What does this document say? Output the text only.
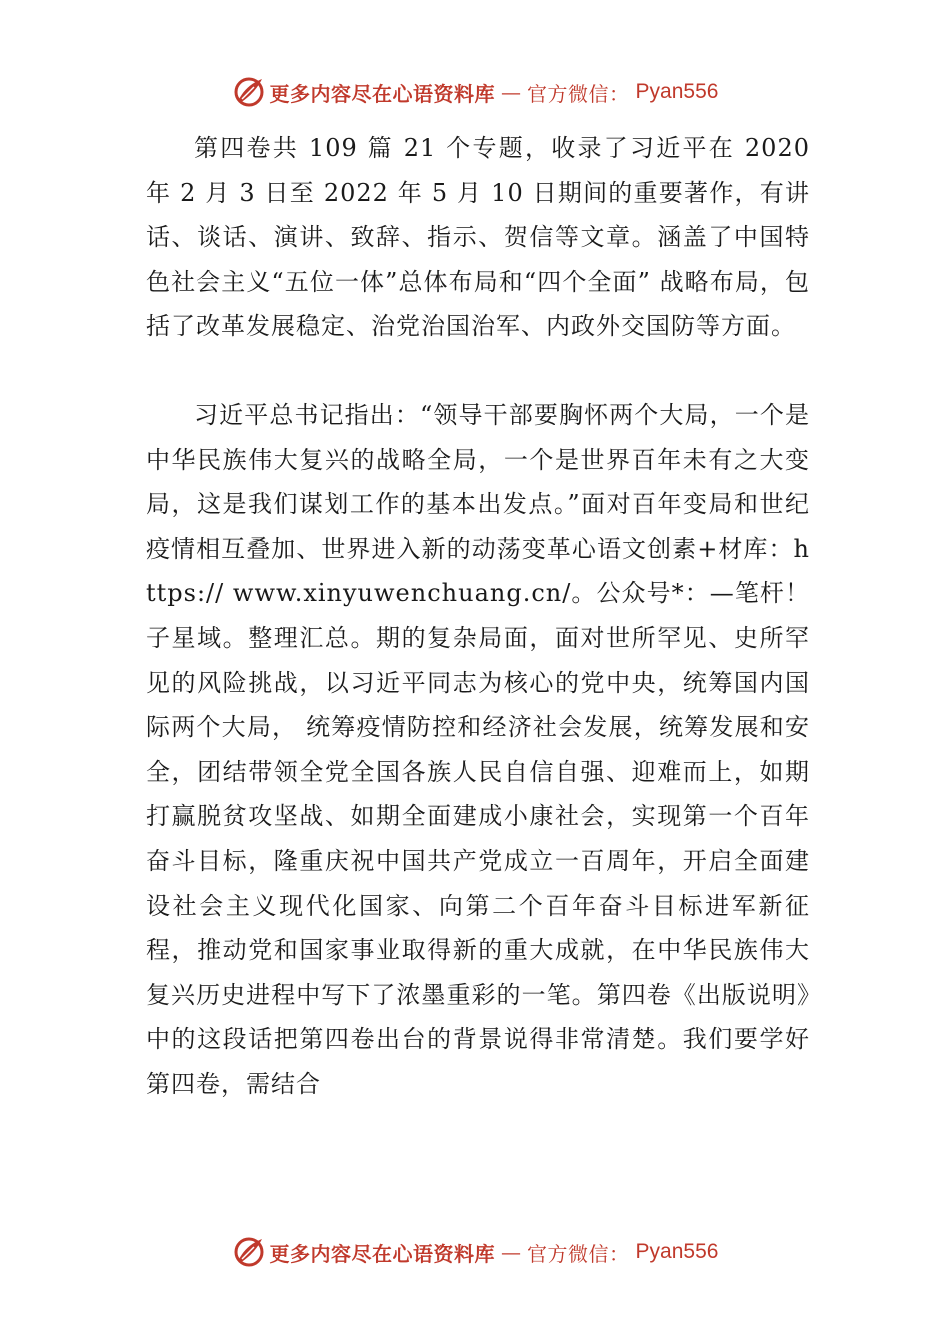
更多内容尽在心语资料库 — 官方微信： Pyan556

第四卷共 109 篇 21 个专题，收录了习近平在 2020 年 2 月 3 日至 2022 年 5 月 10 日期间的重要著作，有讲话、谈话、演讲、致辞、指示、贺信等文章。涵盖了中国特色社会主义“五位一体”总体布局和“四个全面” 战略布局，包括了改革发展稳定、治党治国治军、内政外交国防等方面。

习近平总书记指出：“领导干部要胸怀两个大局，一个是中华民族伟大复兴的战略全局，一个是世界百年未有之大变局，这是我们谋划工作的基本出发点。”面对百年变局和世纪疫情相互叠加、世界进入新的动荡变革心语文创素+材库：https:// www.xinyuwenchuang.cn/。公众号*：—笔杆！子星域。整理汇总。期的复杂局面，面对世所罕见、史所罕见的风险挑战，以习近平同志为核心的党中央，统筹国内国际两个大局， 统筹疫情防控和经济社会发展，统筹发展和安全，团结带领全党全国各族人民自信自强、迎难而上，如期打赢脱贫攻坚战、如期全面建成小康社会，实现第一个百年奋斗目标，隆重庆祝中国共产党成立一百周年，开启全面建设社会主义现代化国家、向第二个百年奋斗目标进军新征程，推动党和国家事业取得新的重大成就，在中华民族伟大复兴历史进程中写下了浓墨重彩的一笔。第四卷《出版说明》中的这段话把第四卷出台的背景说得非常清楚。我们要学好第四卷，需结合

更多内容尽在心语资料库 — 官方微信： Pyan556
